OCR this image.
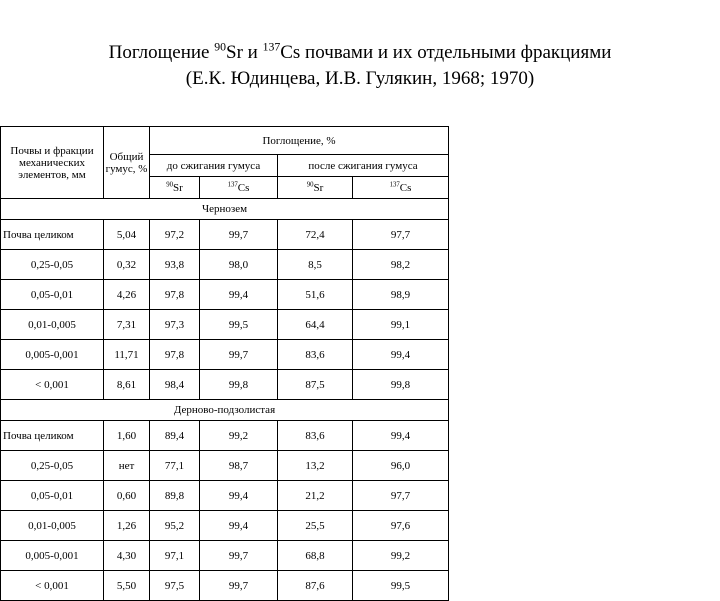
Поглощение $^{90}$Sr и $^{137}$Cs почвами и их отдельными фракциями
(Е.К. Юдинцева, И.В. Гулякин, 1968; 1970)
Почвы и фракции механических элементов, мм	Общий гумус, %	Поглощение, %			
		до сжигания гумуса		после сжигания гумуса	
		$^{90}$Sr	$^{137}$Cs	$^{90}$Sr	$^{137}$Cs
Чернозем					
Почва целиком	5,04	97,2	99,7	72,4	97,7
0,25-0,05	0,32	93,8	98,0	8,5	98,2
0,05-0,01	4,26	97,8	99,4	51,6	98,9
0,01-0,005	7,31	97,3	99,5	64,4	99,1
0,005-0,001	11,71	97,8	99,7	83,6	99,4
< 0,001	8,61	98,4	99,8	87,5	99,8
Дерново-подзолистая					
Почва целиком	1,60	89,4	99,2	83,6	99,4
0,25-0,05	нет	77,1	98,7	13,2	96,0
0,05-0,01	0,60	89,8	99,4	21,2	97,7
0,01-0,005	1,26	95,2	99,4	25,5	97,6
0,005-0,001	4,30	97,1	99,7	68,8	99,2
< 0,001	5,50	97,5	99,7	87,6	99,5
